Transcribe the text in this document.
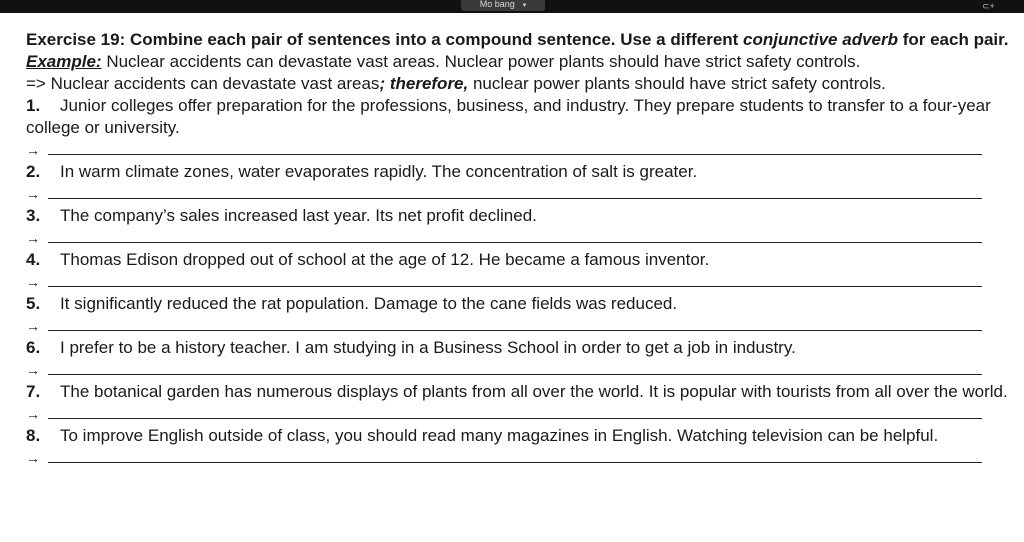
Mo bang ▾	⊂+

Exercise 19: Combine each pair of sentences into a compound sentence. Use a different conjunctive adverb for each pair.

Example: Nuclear accidents can devastate vast areas. Nuclear power plants should have strict safety controls.

=> Nuclear accidents can devastate vast areas; therefore, nuclear power plants should have strict safety controls.

1. Junior colleges offer preparation for the professions, business, and industry. They prepare students to transfer to a four-year college or university.

→

2.	In warm climate zones, water evaporates rapidly. The concentration of salt is greater.

→

3.	The company’s sales increased last year. Its net profit declined.

→

4.	Thomas Edison dropped out of school at the age of 12. He became a famous inventor.

→

5.	It significantly reduced the rat population. Damage to the cane fields was reduced.

→

6.	I prefer to be a history teacher. I am studying in a Business School in order to get a job in industry.

→

7. The botanical garden has numerous displays of plants from all over the world. It is popular with tourists from all over the world.

→

8.	To improve English outside of class, you should read many magazines in English. Watching television can be helpful.

→
